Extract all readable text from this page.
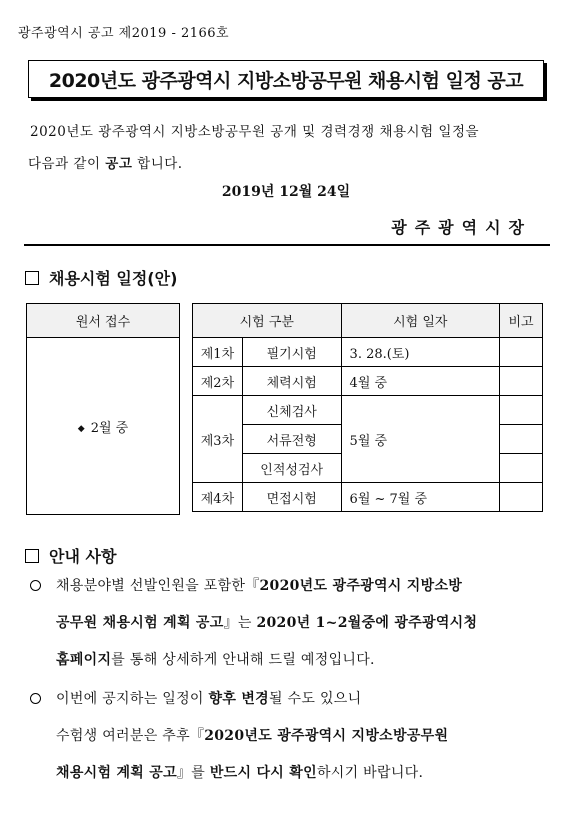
광주광역시 공고 제2019 - 2166호
2020년도 광주광역시 지방소방공무원 채용시험 일정 공고

2020년도 광주광역시 지방소방공무원 공개 및 경력경쟁 채용시험 일정을

다음과 같이 공고 합니다.

2019년 12월 24일
광주광역시장
채용시험 일정(안)
원서 접수
◆ 2월 중
시험 구분		시험 일자	비고
제1차	필기시험	3. 28.(토)	
제2차	체력시험	4월 중	
제3차	신체검사	5월 중	
	서류전형		
	인적성검사		
제4차	면접시험	6월 ~ 7월 중	
안내 사항
채용분야별 선발인원을 포함한『2020년도 광주광역시 지방소방
공무원 채용시험 계획 공고』는 2020년 1~2월중에 광주광역시청
홈페이지를 통해 상세하게 안내해 드릴 예정입니다.
이번에 공지하는 일정이 향후 변경될 수도 있으니
수험생 여러분은 추후『2020년도 광주광역시 지방소방공무원
채용시험 계획 공고』를 반드시 다시 확인하시기 바랍니다.
